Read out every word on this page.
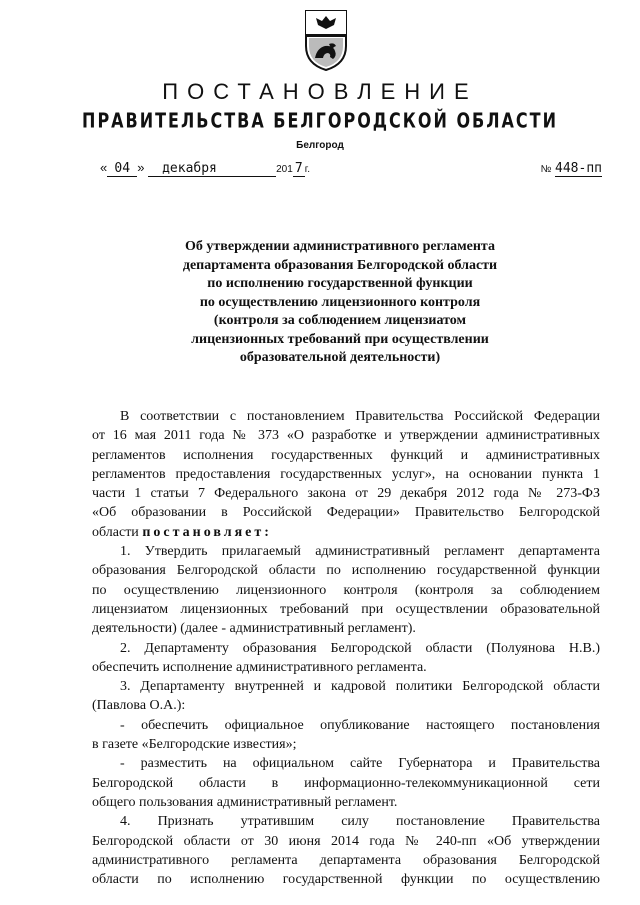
ПОСТАНОВЛЕНИЕ
ПРАВИТЕЛЬСТВА БЕЛГОРОДСКОЙ ОБЛАСТИ
Белгород
« 04 » декабря	201 7 г.	№ 448-пп
Об утверждении административного регламента
департамента образования Белгородской области
по исполнению государственной функции
по осуществлению лицензионного контроля
(контроля за соблюдением лицензиатом
лицензионных требований при осуществлении
образовательной деятельности)
В соответствии с постановлением Правительства Российской Федерации
от 16 мая 2011 года № 373 «О разработке и утверждении административных
регламентов исполнения государственных функций и административных
регламентов предоставления государственных услуг», на основании пункта 1
части 1 статьи 7 Федерального закона от 29 декабря 2012 года № 273-ФЗ
«Об образовании в Российской Федерации» Правительство Белгородской
области постановляет:
1. Утвердить прилагаемый административный регламент департамента
образования Белгородской области по исполнению государственной функции
по осуществлению лицензионного контроля (контроля за соблюдением
лицензиатом лицензионных требований при осуществлении образовательной
деятельности) (далее - административный регламент).
2. Департаменту образования Белгородской области (Полуянова Н.В.)
обеспечить исполнение административного регламента.
3. Департаменту внутренней и кадровой политики Белгородской области
(Павлова О.А.):
- обеспечить официальное опубликование настоящего постановления
в газете «Белгородские известия»;
- разместить на официальном сайте Губернатора и Правительства
Белгородской области в информационно-телекоммуникационной сети
общего пользования административный регламент.
4. Признать утратившим силу постановление Правительства
Белгородской области от 30 июня 2014 года № 240-пп «Об утверждении
административного регламента департамента образования Белгородской
области по исполнению государственной функции по осуществлению
